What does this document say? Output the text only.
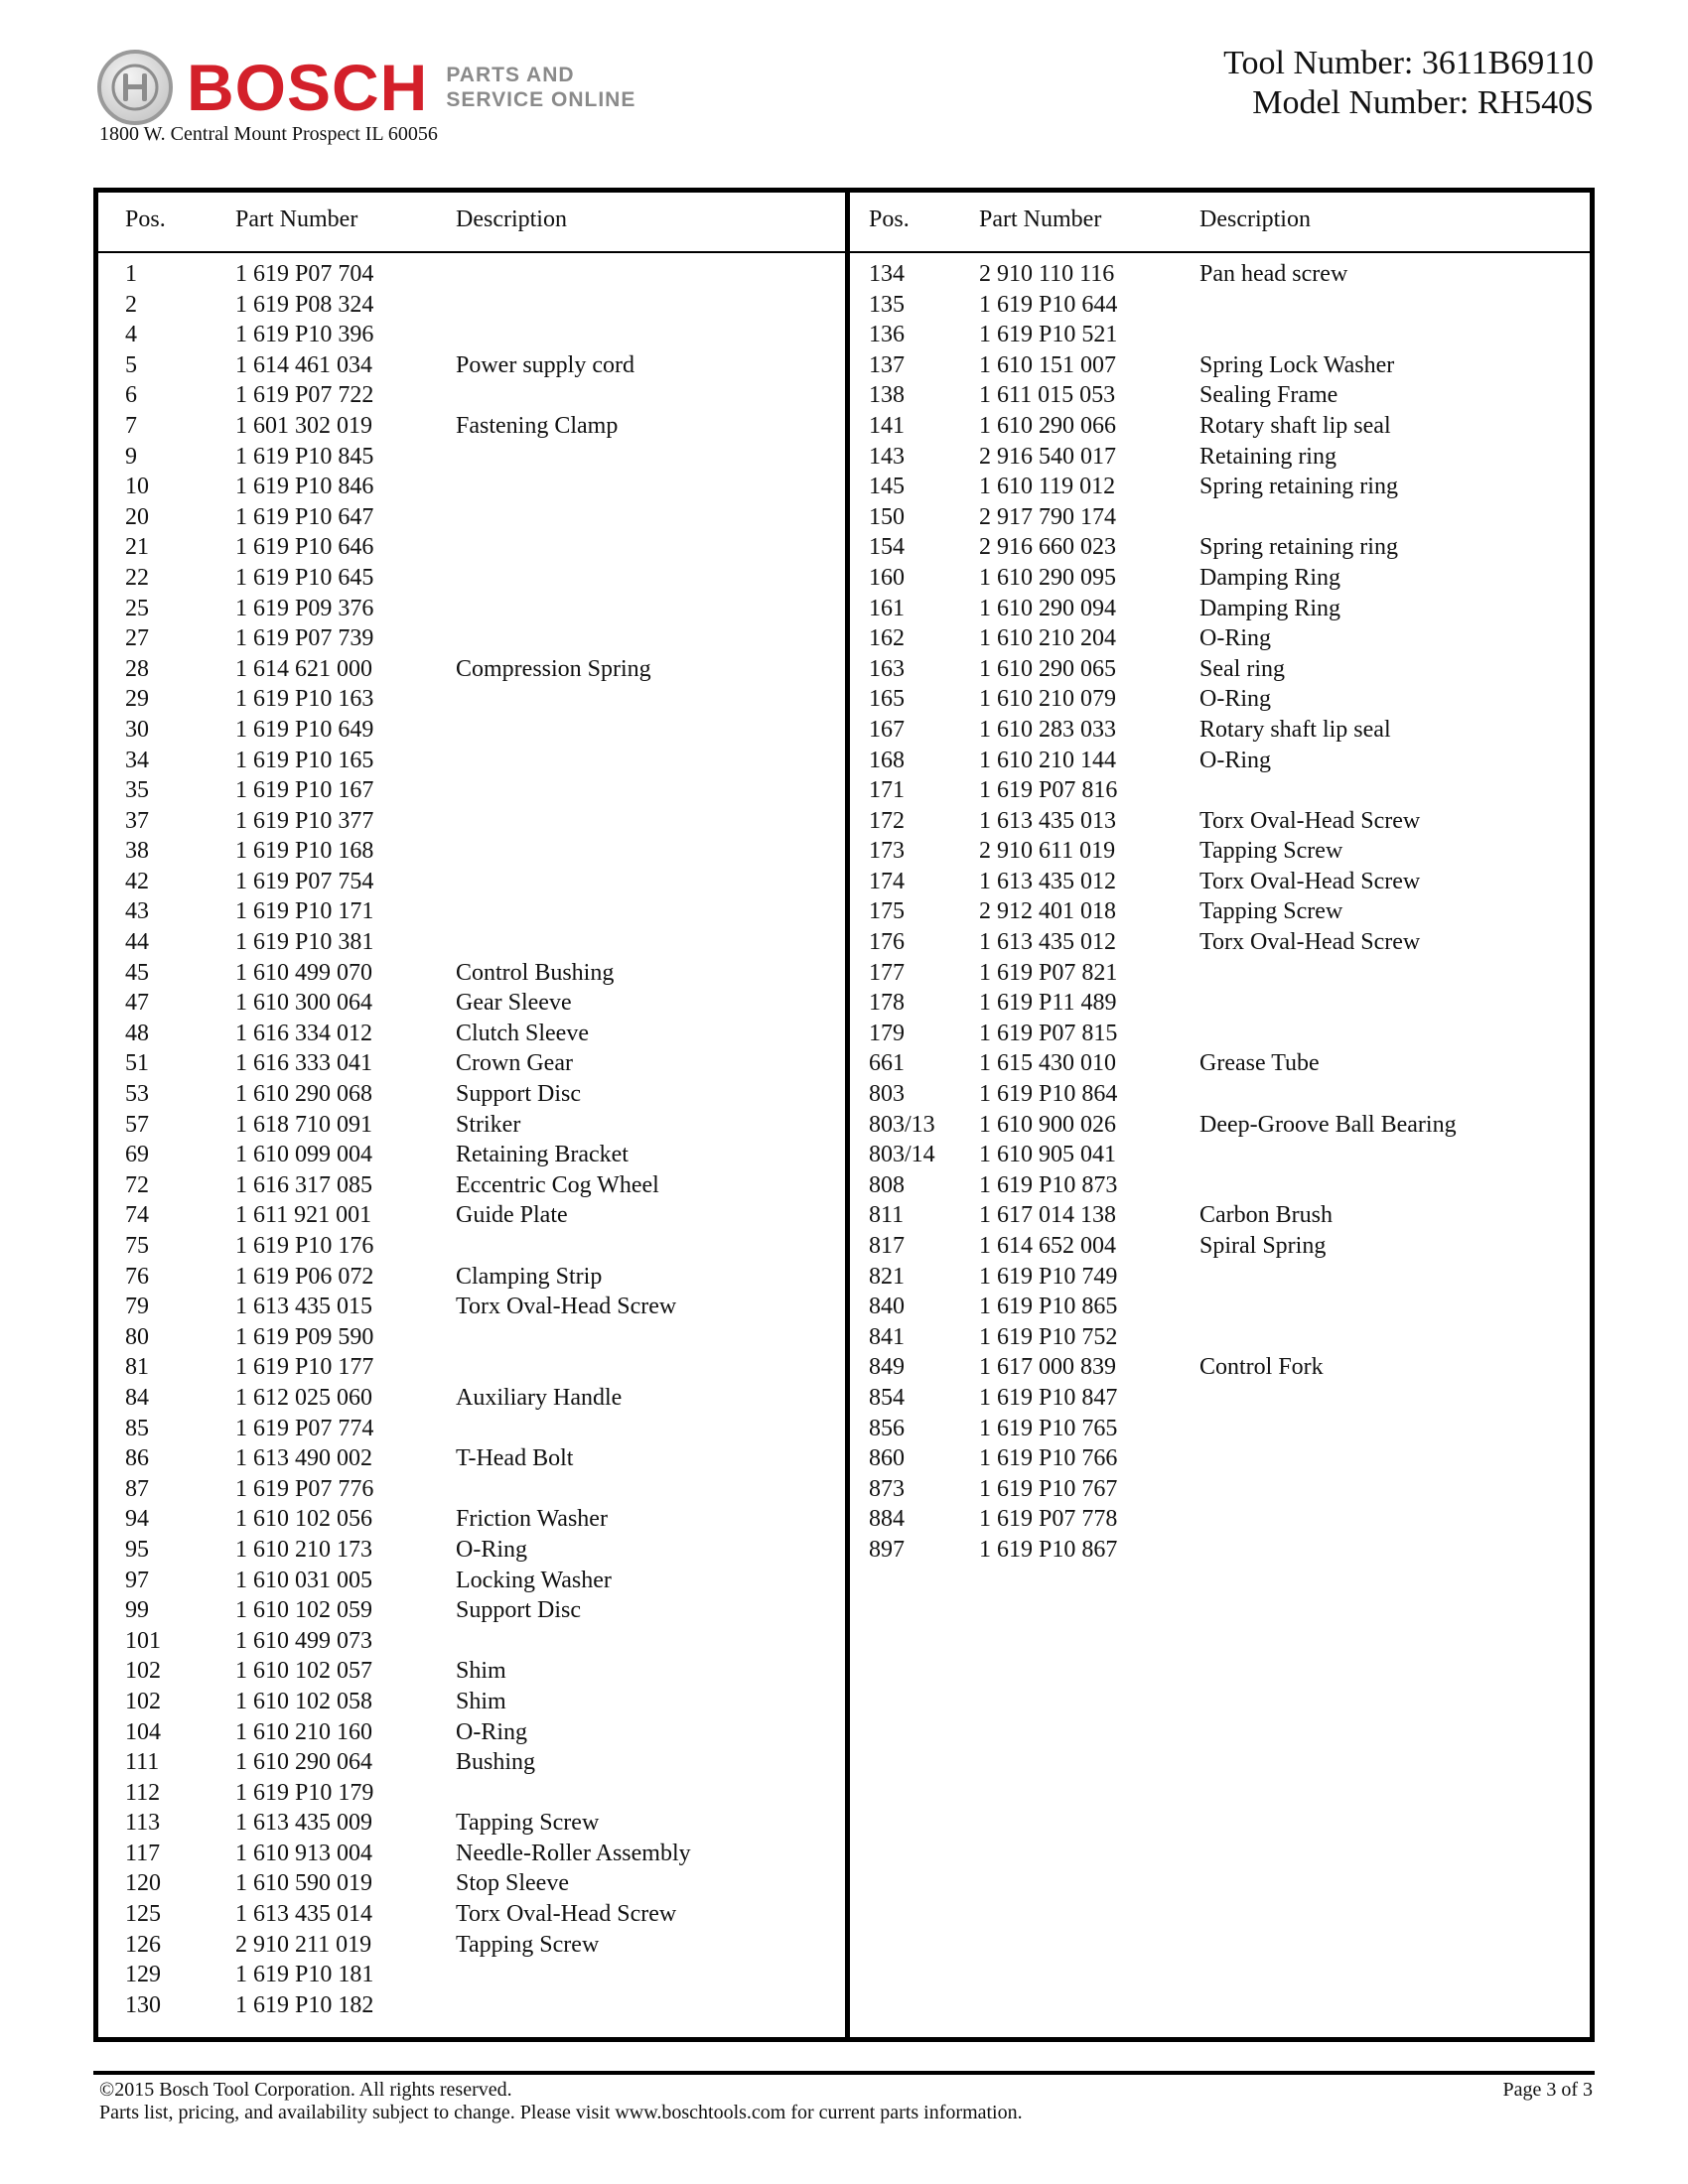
BOSCH PARTS AND
SERVICE ONLINE
1800 W. Central Mount Prospect IL 60056
Tool Number: 3611B69110
Model Number: RH540S
Pos.	Part Number	Description
1	1 619 P07 704
2	1 619 P08 324
4	1 619 P10 396
5	1 614 461 034	Power supply cord
6	1 619 P07 722
7	1 601 302 019	Fastening Clamp
9	1 619 P10 845
10	1 619 P10 846
20	1 619 P10 647
21	1 619 P10 646
22	1 619 P10 645
25	1 619 P09 376
27	1 619 P07 739
28	1 614 621 000	Compression Spring
29	1 619 P10 163
30	1 619 P10 649
34	1 619 P10 165
35	1 619 P10 167
37	1 619 P10 377
38	1 619 P10 168
42	1 619 P07 754
43	1 619 P10 171
44	1 619 P10 381
45	1 610 499 070	Control Bushing
47	1 610 300 064	Gear Sleeve
48	1 616 334 012	Clutch Sleeve
51	1 616 333 041	Crown Gear
53	1 610 290 068	Support Disc
57	1 618 710 091	Striker
69	1 610 099 004	Retaining Bracket
72	1 616 317 085	Eccentric Cog Wheel
74	1 611 921 001	Guide Plate
75	1 619 P10 176
76	1 619 P06 072	Clamping Strip
79	1 613 435 015	Torx Oval-Head Screw
80	1 619 P09 590
81	1 619 P10 177
84	1 612 025 060	Auxiliary Handle
85	1 619 P07 774
86	1 613 490 002	T-Head Bolt
87	1 619 P07 776
94	1 610 102 056	Friction Washer
95	1 610 210 173	O-Ring
97	1 610 031 005	Locking Washer
99	1 610 102 059	Support Disc
101	1 610 499 073
102	1 610 102 057	Shim
102	1 610 102 058	Shim
104	1 610 210 160	O-Ring
111	1 610 290 064	Bushing
112	1 619 P10 179
113	1 613 435 009	Tapping Screw
117	1 610 913 004	Needle-Roller Assembly
120	1 610 590 019	Stop Sleeve
125	1 613 435 014	Torx Oval-Head Screw
126	2 910 211 019	Tapping Screw
129	1 619 P10 181
130	1 619 P10 182
Pos.	Part Number	Description
134	2 910 110 116	Pan head screw
135	1 619 P10 644
136	1 619 P10 521
137	1 610 151 007	Spring Lock Washer
138	1 611 015 053	Sealing Frame
141	1 610 290 066	Rotary shaft lip seal
143	2 916 540 017	Retaining ring
145	1 610 119 012	Spring retaining ring
150	2 917 790 174
154	2 916 660 023	Spring retaining ring
160	1 610 290 095	Damping Ring
161	1 610 290 094	Damping Ring
162	1 610 210 204	O-Ring
163	1 610 290 065	Seal ring
165	1 610 210 079	O-Ring
167	1 610 283 033	Rotary shaft lip seal
168	1 610 210 144	O-Ring
171	1 619 P07 816
172	1 613 435 013	Torx Oval-Head Screw
173	2 910 611 019	Tapping Screw
174	1 613 435 012	Torx Oval-Head Screw
175	2 912 401 018	Tapping Screw
176	1 613 435 012	Torx Oval-Head Screw
177	1 619 P07 821
178	1 619 P11 489
179	1 619 P07 815
661	1 615 430 010	Grease Tube
803	1 619 P10 864
803/13 1 610 900 026	Deep-Groove Ball Bearing
803/14 1 610 905 041
808	1 619 P10 873
811	1 617 014 138	Carbon Brush
817	1 614 652 004	Spiral Spring
821	1 619 P10 749
840	1 619 P10 865
841	1 619 P10 752
849	1 617 000 839	Control Fork
854	1 619 P10 847
856	1 619 P10 765
860	1 619 P10 766
873	1 619 P10 767
884	1 619 P07 778
897	1 619 P10 867
©2015 Bosch Tool Corporation. All rights reserved.
Parts list, pricing, and availability subject to change. Please visit www.boschtools.com for current parts information.
Page 3 of 3
